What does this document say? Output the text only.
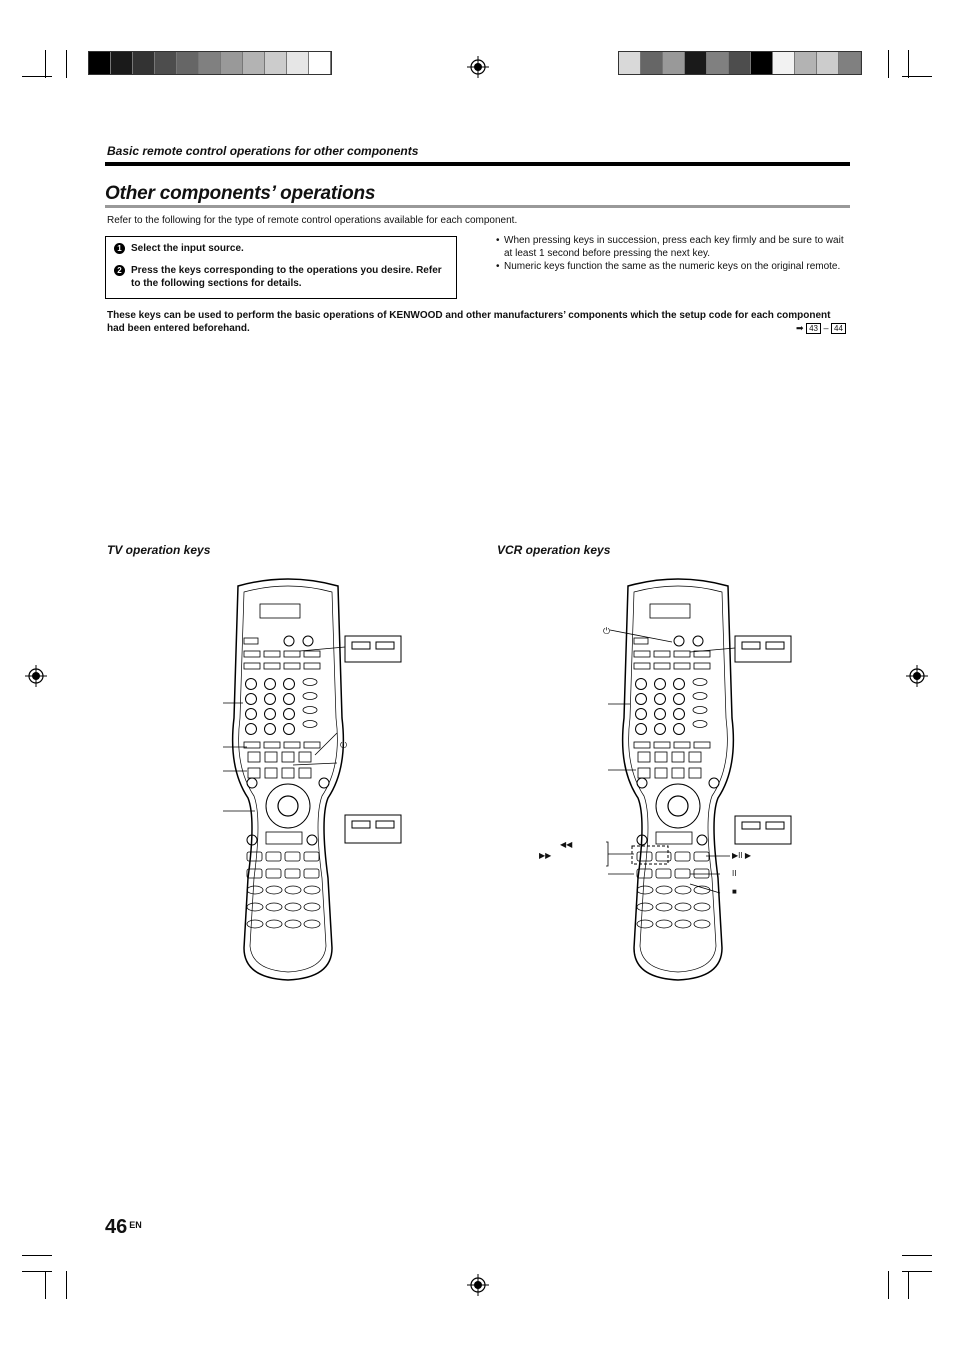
Basic remote control operations for other components
Other components’ operations
Refer to the following for the type of remote control operations available for each component.
1 Select the input source.
2 Press the keys corresponding to the operations you desire. Refer to the following sections for details.
• When pressing keys in succession, press each key firmly and be sure to wait at least 1 second before pressing the next key.
• Numeric keys function the same as the numeric keys on the original remote.
These keys can be used to perform the basic operations of KENWOOD and other manufacturers’ components which the setup code for each component had been entered beforehand.	➡ 43 – 44
TV operation keys	VCR operation keys
⏻
⏻
◀◀
▶▶	▶II ▶
II
■
46 $^{EN}$
